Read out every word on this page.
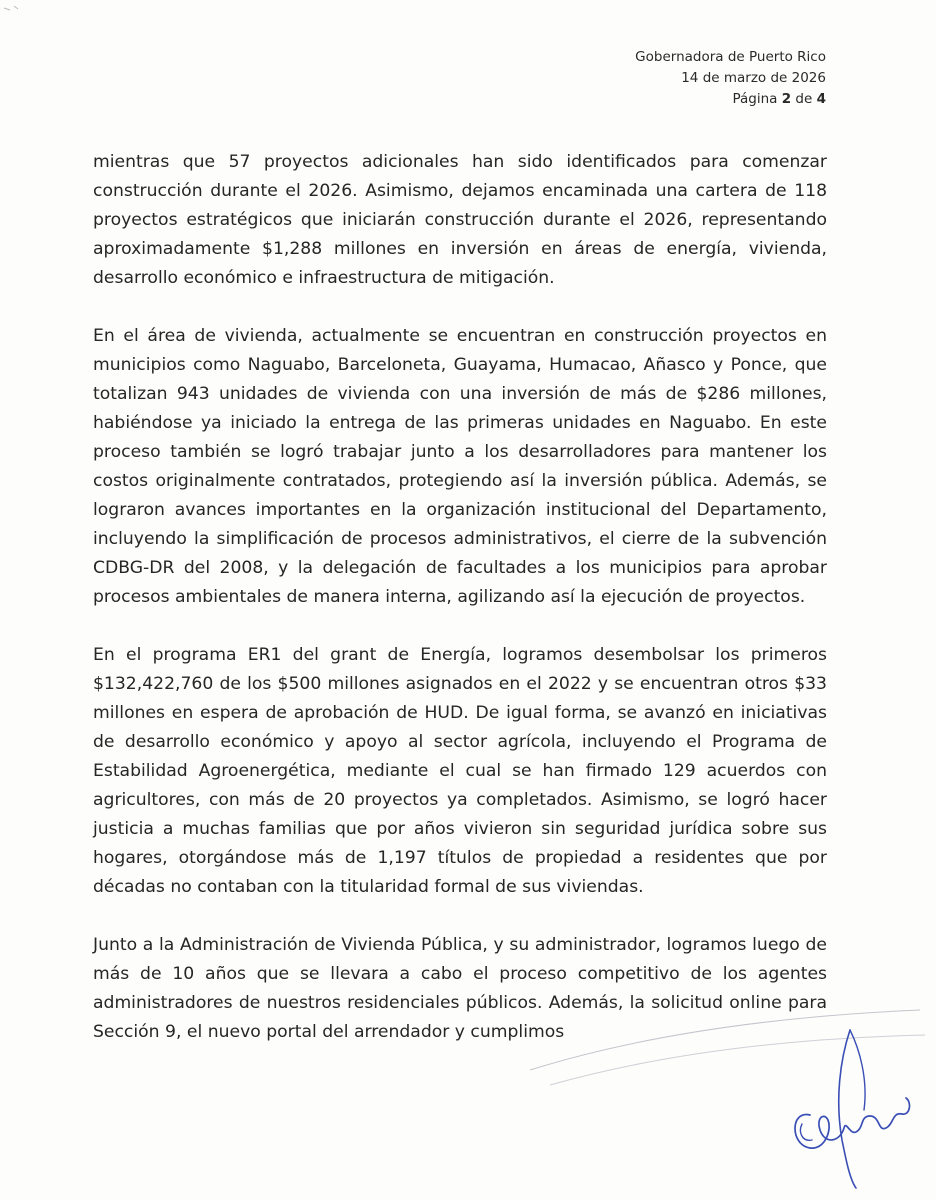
Gobernadora de Puerto Rico
14 de marzo de 2026
Página 2 de 4

mientras que 57 proyectos adicionales han sido identificados para comenzar construcción durante el 2026. Asimismo, dejamos encaminada una cartera de 118 proyectos estratégicos que iniciarán construcción durante el 2026, representando aproximadamente $1,288 millones en inversión en áreas de energía, vivienda, desarrollo económico e infraestructura de mitigación.

En el área de vivienda, actualmente se encuentran en construcción proyectos en municipios como Naguabo, Barceloneta, Guayama, Humacao, Añasco y Ponce, que totalizan 943 unidades de vivienda con una inversión de más de $286 millones, habiéndose ya iniciado la entrega de las primeras unidades en Naguabo. En este proceso también se logró trabajar junto a los desarrolladores para mantener los costos originalmente contratados, protegiendo así la inversión pública. Además, se lograron avances importantes en la organización institucional del Departamento, incluyendo la simplificación de procesos administrativos, el cierre de la subvención CDBG-DR del 2008, y la delegación de facultades a los municipios para aprobar procesos ambientales de manera interna, agilizando así la ejecución de proyectos.

En el programa ER1 del grant de Energía, logramos desembolsar los primeros $132,422,760 de los $500 millones asignados en el 2022 y se encuentran otros $33 millones en espera de aprobación de HUD. De igual forma, se avanzó en iniciativas de desarrollo económico y apoyo al sector agrícola, incluyendo el Programa de Estabilidad Agroenergética, mediante el cual se han firmado 129 acuerdos con agricultores, con más de 20 proyectos ya completados. Asimismo, se logró hacer justicia a muchas familias que por años vivieron sin seguridad jurídica sobre sus hogares, otorgándose más de 1,197 títulos de propiedad a residentes que por décadas no contaban con la titularidad formal de sus viviendas.

Junto a la Administración de Vivienda Pública, y su administrador, logramos luego de más de 10 años que se llevara a cabo el proceso competitivo de los agentes administradores de nuestros residenciales públicos. Además, la solicitud online para Sección 9, el nuevo portal del arrendador y cumplimos
